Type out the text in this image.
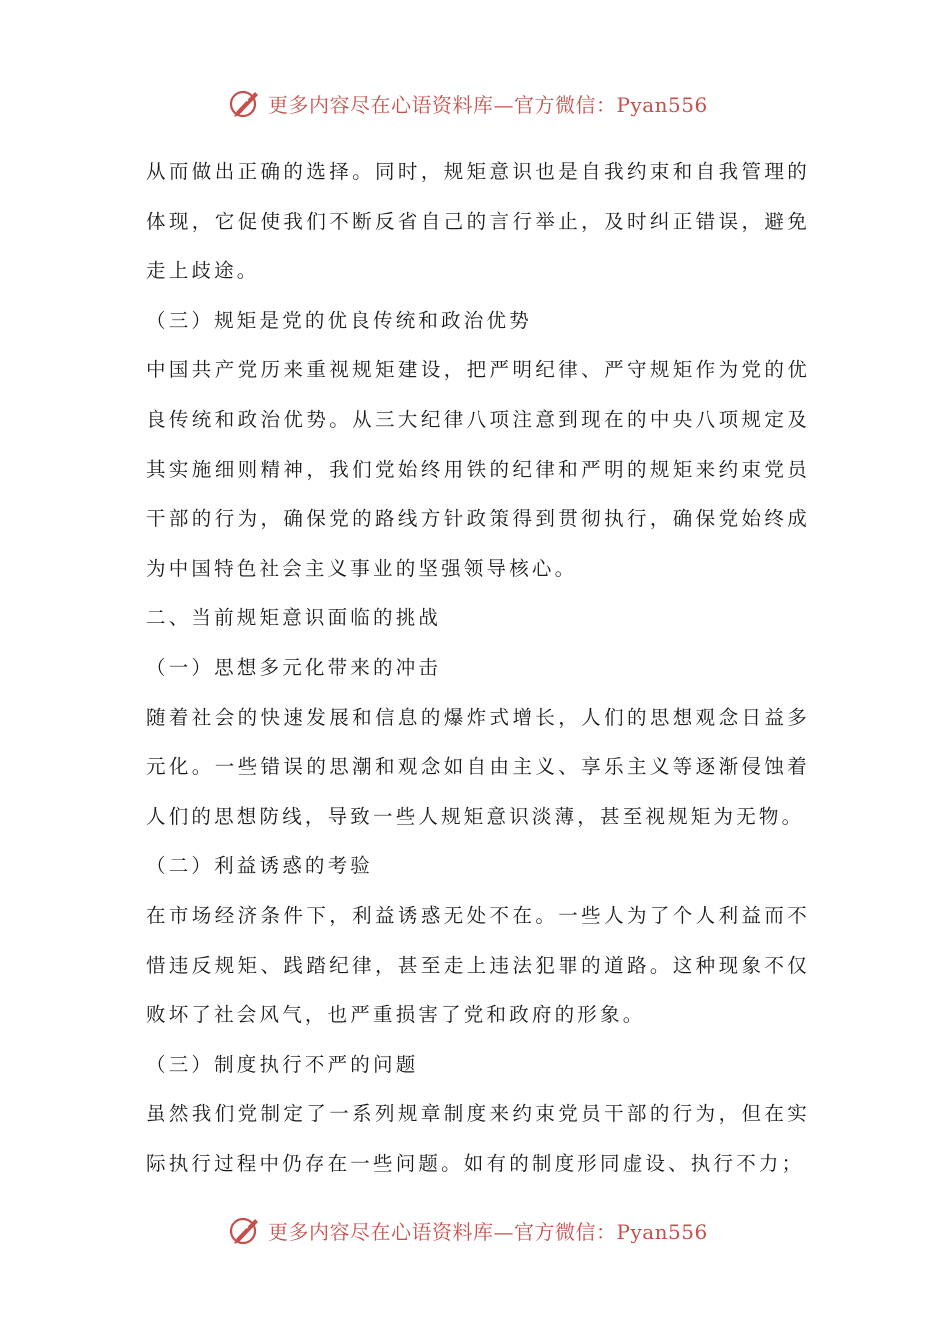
更多内容尽在心语资料库—官方微信：Pyan556

从而做出正确的选择。同时，规矩意识也是自我约束和自我管理的体现，它促使我们不断反省自己的言行举止，及时纠正错误，避免走上歧途。

（三）规矩是党的优良传统和政治优势

中国共产党历来重视规矩建设，把严明纪律、严守规矩作为党的优良传统和政治优势。从三大纪律八项注意到现在的中央八项规定及其实施细则精神，我们党始终用铁的纪律和严明的规矩来约束党员干部的行为，确保党的路线方针政策得到贯彻执行，确保党始终成为中国特色社会主义事业的坚强领导核心。

二、当前规矩意识面临的挑战

（一）思想多元化带来的冲击

随着社会的快速发展和信息的爆炸式增长，人们的思想观念日益多元化。一些错误的思潮和观念如自由主义、享乐主义等逐渐侵蚀着人们的思想防线，导致一些人规矩意识淡薄，甚至视规矩为无物。

（二）利益诱惑的考验

在市场经济条件下，利益诱惑无处不在。一些人为了个人利益而不惜违反规矩、践踏纪律，甚至走上违法犯罪的道路。这种现象不仅败坏了社会风气，也严重损害了党和政府的形象。

（三）制度执行不严的问题

虽然我们党制定了一系列规章制度来约束党员干部的行为，但在实际执行过程中仍存在一些问题。如有的制度形同虚设、执行不力；

更多内容尽在心语资料库—官方微信：Pyan556
